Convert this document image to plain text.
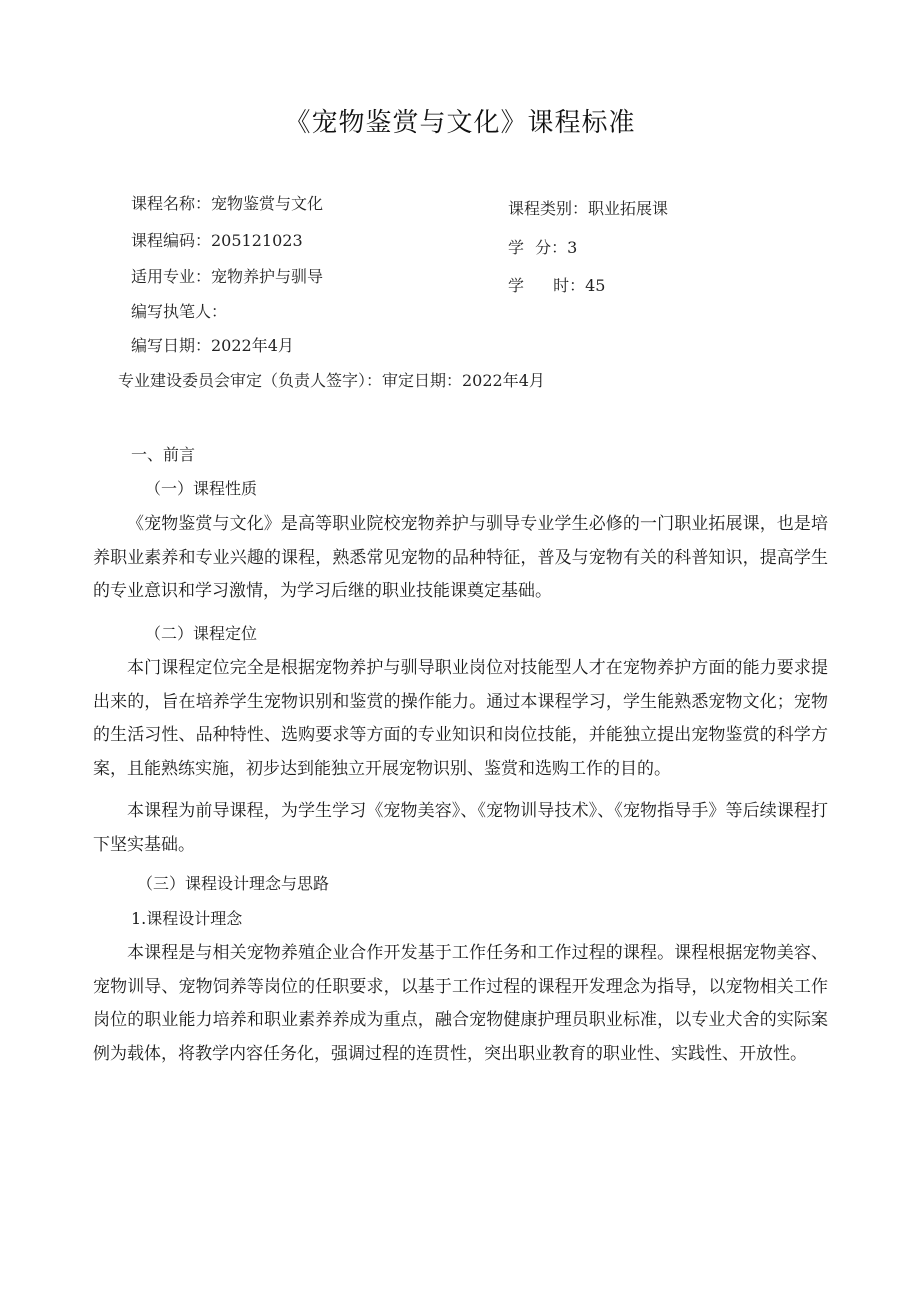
《宠物鉴赏与文化》课程标准
课程名称：宠物鉴赏与文化	课程类别：职业拓展课
课程编码：205121023	学 分：3
适用专业：宠物养护与驯导	学 时：45
编写执笔人：
编写日期：2022年4月
专业建设委员会审定（负责人签字）：审定日期：2022年4月
一、前言
（一）课程性质
《宠物鉴赏与文化》是高等职业院校宠物养护与驯导专业学生必修的一门职业拓展课，也是培养职业素养和专业兴趣的课程，熟悉常见宠物的品种特征，普及与宠物有关的科普知识，提高学生的专业意识和学习激情，为学习后继的职业技能课奠定基础。
（二）课程定位
本门课程定位完全是根据宠物养护与驯导职业岗位对技能型人才在宠物养护方面的能力要求提出来的，旨在培养学生宠物识别和鉴赏的操作能力。通过本课程学习，学生能熟悉宠物文化；宠物的生活习性、品种特性、选购要求等方面的专业知识和岗位技能，并能独立提出宠物鉴赏的科学方案，且能熟练实施，初步达到能独立开展宠物识别、鉴赏和选购工作的目的。
本课程为前导课程，为学生学习《宠物美容》、《宠物训导技术》、《宠物指导手》等后续课程打下坚实基础。
（三）课程设计理念与思路
1.课程设计理念
本课程是与相关宠物养殖企业合作开发基于工作任务和工作过程的课程。课程根据宠物美容、宠物训导、宠物饲养等岗位的任职要求，以基于工作过程的课程开发理念为指导，以宠物相关工作岗位的职业能力培养和职业素养养成为重点，融合宠物健康护理员职业标准，以专业犬舍的实际案例为载体，将教学内容任务化，强调过程的连贯性，突出职业教育的职业性、实践性、开放性。
